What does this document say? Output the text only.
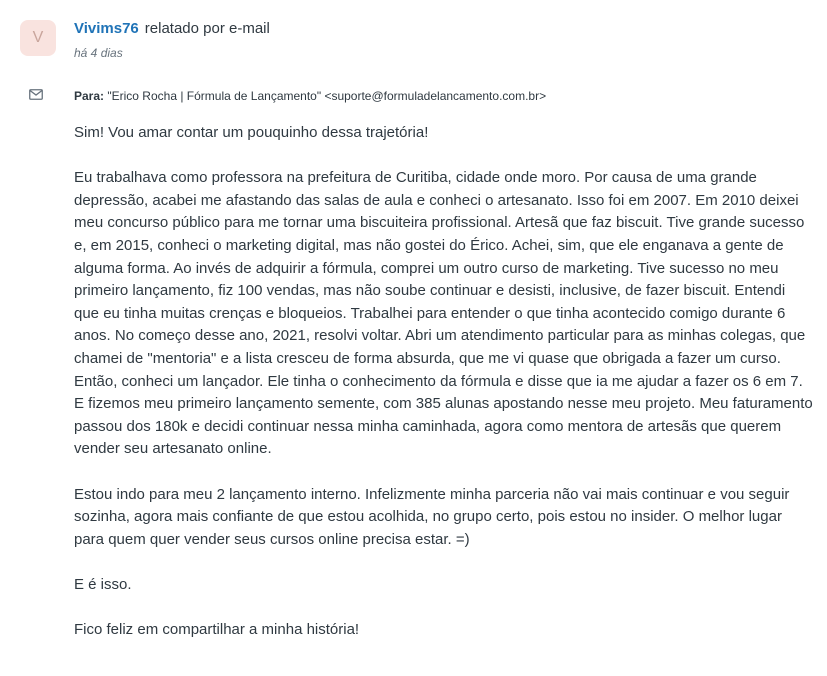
V
Vivims76 relatado por e-mail
há 4 dias
Para: "Erico Rocha | Fórmula de Lançamento" <suporte@formuladelancamento.com.br>

Sim! Vou amar contar um pouquinho dessa trajetória!

Eu trabalhava como professora na prefeitura de Curitiba, cidade onde moro. Por causa de uma grande depressão, acabei me afastando das salas de aula e conheci o artesanato. Isso foi em 2007. Em 2010 deixei meu concurso público para me tornar uma biscuiteira profissional. Artesã que faz biscuit. Tive grande sucesso e, em 2015, conheci o marketing digital, mas não gostei do Érico. Achei, sim, que ele enganava a gente de alguma forma. Ao invés de adquirir a fórmula, comprei um outro curso de marketing. Tive sucesso no meu primeiro lançamento, fiz 100 vendas, mas não soube continuar e desisti, inclusive, de fazer biscuit. Entendi que eu tinha muitas crenças e bloqueios. Trabalhei para entender o que tinha acontecido comigo durante 6 anos. No começo desse ano, 2021, resolvi voltar. Abri um atendimento particular para as minhas colegas, que chamei de "mentoria" e a lista cresceu de forma absurda, que me vi quase que obrigada a fazer um curso. Então, conheci um lançador. Ele tinha o conhecimento da fórmula e disse que ia me ajudar a fazer os 6 em 7. E fizemos meu primeiro lançamento semente, com 385 alunas apostando nesse meu projeto. Meu faturamento passou dos 180k e decidi continuar nessa minha caminhada, agora como mentora de artesãs que querem vender seu artesanato online.

Estou indo para meu 2 lançamento interno. Infelizmente minha parceria não vai mais continuar e vou seguir sozinha, agora mais confiante de que estou acolhida, no grupo certo, pois estou no insider. O melhor lugar para quem quer vender seus cursos online precisa estar. =)

E é isso.

Fico feliz em compartilhar a minha história!
